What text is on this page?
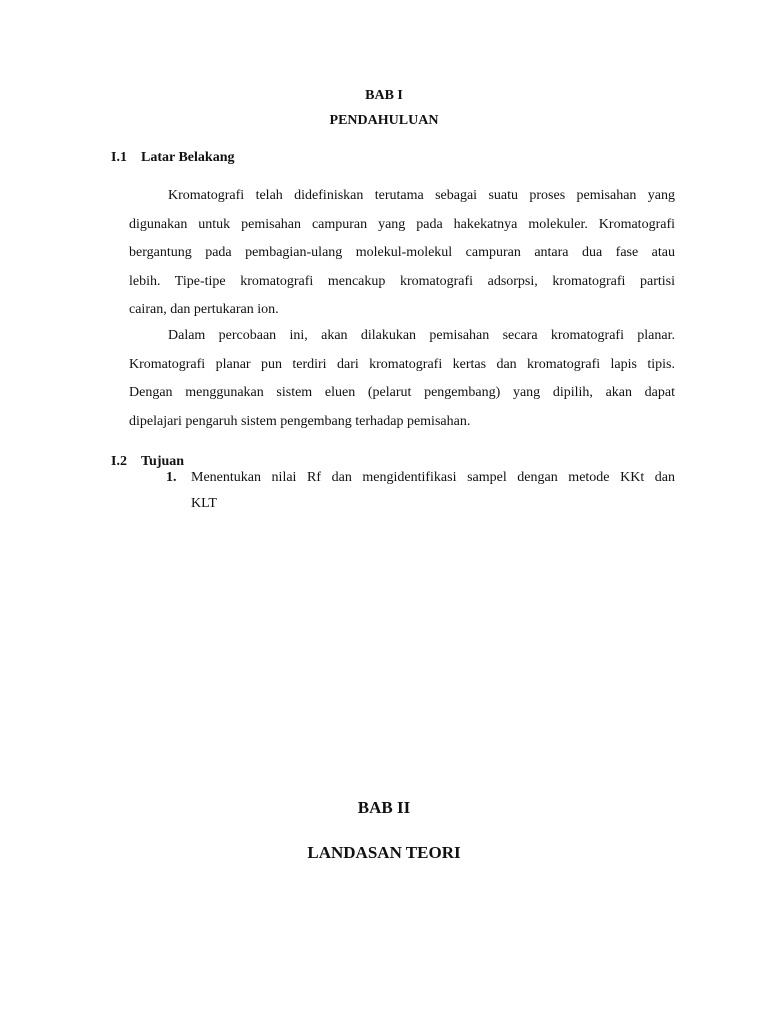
BAB I
PENDAHULUAN
I.1 Latar Belakang
Kromatografi telah didefiniskan terutama sebagai suatu proses pemisahan yang
digunakan untuk pemisahan campuran yang pada hakekatnya molekuler. Kromatografi
bergantung pada pembagian-ulang molekul-molekul campuran antara dua fase atau
lebih. Tipe-tipe kromatografi mencakup kromatografi adsorpsi, kromatografi partisi
cairan, dan pertukaran ion.
Dalam percobaan ini, akan dilakukan pemisahan secara kromatografi planar.
Kromatografi planar pun terdiri dari kromatografi kertas dan kromatografi lapis tipis.
Dengan menggunakan sistem eluen (pelarut pengembang) yang dipilih, akan dapat
dipelajari pengaruh sistem pengembang terhadap pemisahan.
I.2 Tujuan
1. Menentukan nilai Rf dan mengidentifikasi sampel dengan metode KKt dan
KLT
BAB II
LANDASAN TEORI
